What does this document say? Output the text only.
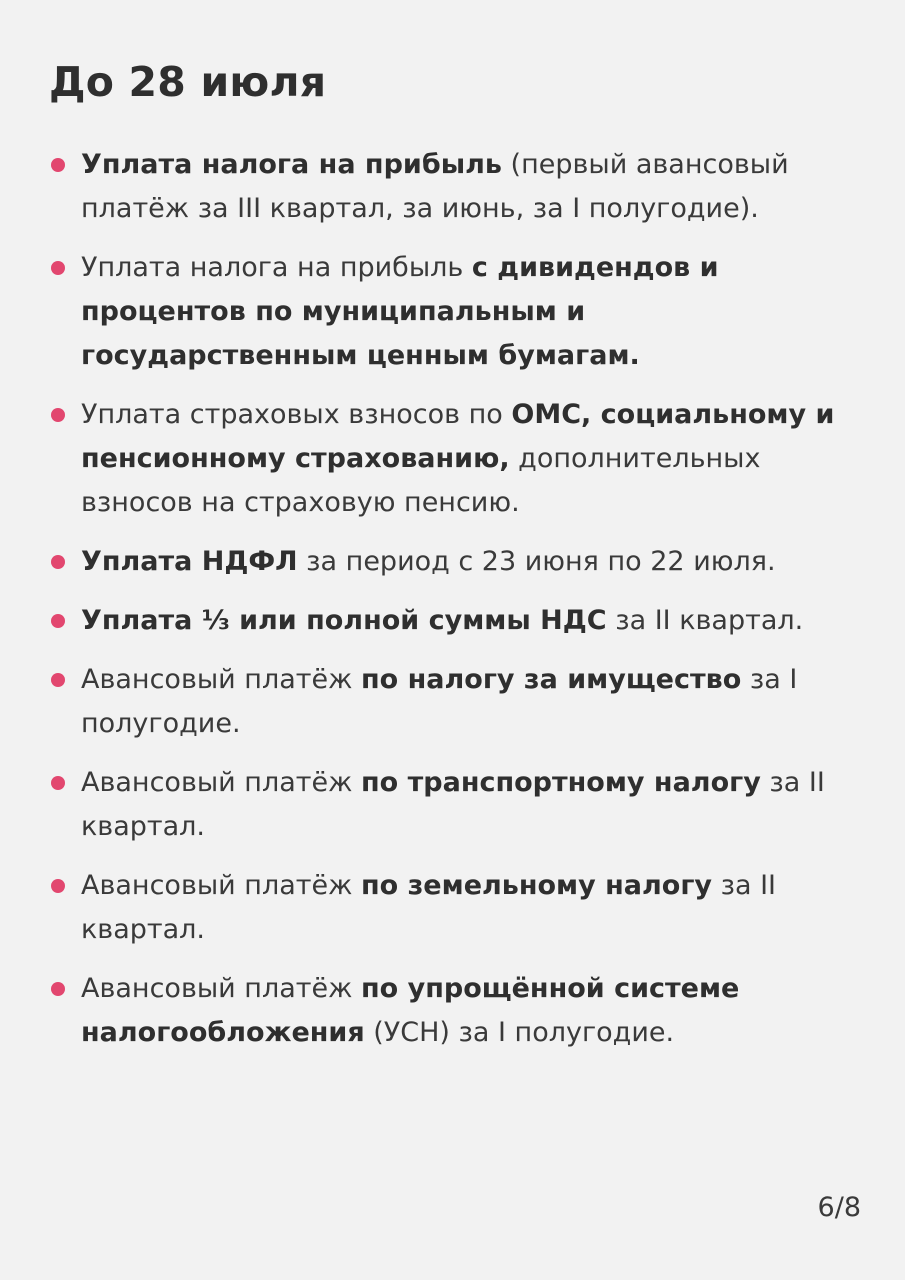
До 28 июля
Уплата налога на прибыль (первый авансовый платёж за III квартал, за июнь, за I полугодие).
Уплата налога на прибыль с дивидендов и процентов по муниципальным и государственным ценным бумагам.
Уплата страховых взносов по ОМС, социальному и пенсионному страхованию, дополнительных взносов на страховую пенсию.
Уплата НДФЛ за период с 23 июня по 22 июля.
Уплата ⅓ или полной суммы НДС за II квартал.
Авансовый платёж по налогу за имущество за I полугодие.
Авансовый платёж по транспортному налогу за II квартал.
Авансовый платёж по земельному налогу за II квартал.
Авансовый платёж по упрощённой системе налогообложения (УСН) за I полугодие.
6/8
